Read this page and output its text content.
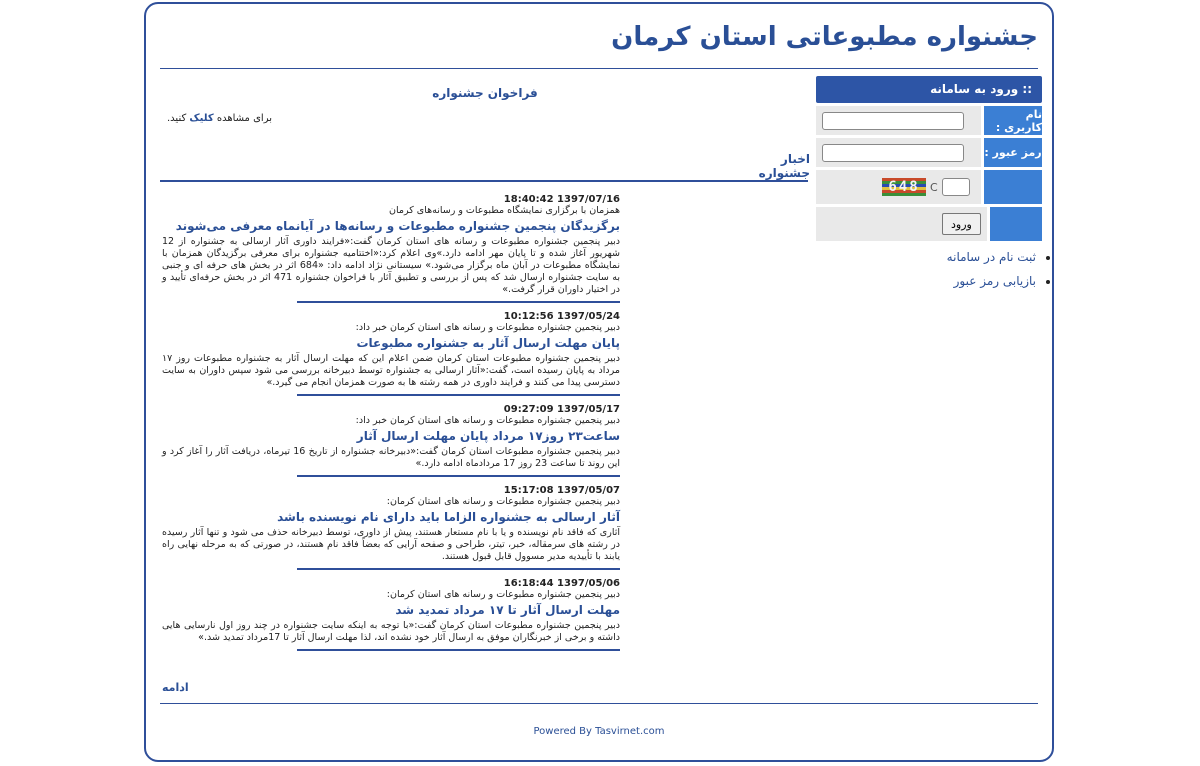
جشنواره مطبوعاتی استان کرمان
:: ورود به سامانه
نام کاربری :
رمز عبور :
648 C
ورود
• ثبت نام در سامانه
• بازیابی رمز عبور
فراخوان جشنواره
برای مشاهده کلیک کنید.
اخبار جشنواره
1397/07/16 18:40:42
همزمان با برگزاری نمایشگاه مطبوعات و رسانه‌های کرمان
برگزیدگان پنجمین جشنواره مطبوعات و رسانه‌ها در آیانماه معرفی می‌شوند
دبیر پنجمین جشنواره مطبوعات و رسانه های استان کرمان گفت:«فرایند داوری آثار ارسالی به جشنواره از 12 شهریور آغاز شده و تا پایان مهر ادامه دارد.»وی اعلام کرد:«اختتامیه جشنواره برای معرفی برگزیدگان همزمان با نمایشگاه مطبوعات در آبان ماه برگزار می‌شود.» سیستانی نژاد ادامه داد: «684 اثر در بخش های حرفه ای و جنبی به سایت جشنواره ارسال شد که پس از بررسی و تطبیق آثار با فراخوان جشنواره 471 اثر در بخش حرفه‌ای تأیید و در اختیار داوران قرار گرفت.»
1397/05/24 10:12:56
دبیر پنجمین جشنواره مطبوعات و رسانه های استان کرمان خبر داد:
پایان مهلت ارسال آثار به جشنواره مطبوعات
دبیر پنجمین جشنواره مطبوعات استان کرمان ضمن اعلام این که مهلت ارسال آثار به جشنواره مطبوعات روز ۱۷ مرداد به پایان رسیده است، گفت:«آثار ارسالی به جشنواره توسط دبیرخانه بررسی می شود سپس داوران به سایت دسترسی پیدا می کنند و فرایند داوری در همه رشته ها به صورت همزمان انجام می گیرد.»
1397/05/17 09:27:09
دبیر پنجمین جشنواره مطبوعات و رسانه های استان کرمان خبر داد:
ساعت۲۳ روز۱۷ مرداد پایان مهلت ارسال آثار
دبیر پنجمین جشنواره مطبوعات استان کرمان گفت:«دبیرخانه جشنواره از تاریخ 16 تیرماه، دریافت آثار را آغاز کرد و این روند تا ساعت 23 روز 17 مردادماه ادامه دارد.»
1397/05/07 15:17:08
دبیر پنجمین جشنواره مطبوعات و رسانه های استان کرمان:
آثار ارسالی به جشنواره الزاما باید دارای نام نویسنده باشد
آثاری که فاقد نام نویسنده و یا با نام مستعار هستند، پیش از داوری، توسط دبیرخانه حذف می شود و تنها آثار رسیده در رشته های سرمقاله، خبر، تیتر، طراحی و صفحه آرایی که بعضاً فاقد نام هستند، در صورتی که به مرحله نهایی راه یابند با تأییدیه مدیر مسوول قابل قبول هستند.
1397/05/06 16:18:44
دبیر پنجمین جشنواره مطبوعات و رسانه های استان کرمان:
مهلت ارسال آثار تا ۱۷ مرداد تمدید شد
دبیر پنجمین جشنواره مطبوعات استان کرمان گفت:«با توجه به اینکه سایت جشنواره در چند روز اول نارسایی هایی داشته و برخی از خبرنگاران موفق به ارسال آثار خود نشده اند، لذا مهلت ارسال آثار تا 17مرداد تمدید شد.»
ادامه
Powered By Tasvirnet.com
